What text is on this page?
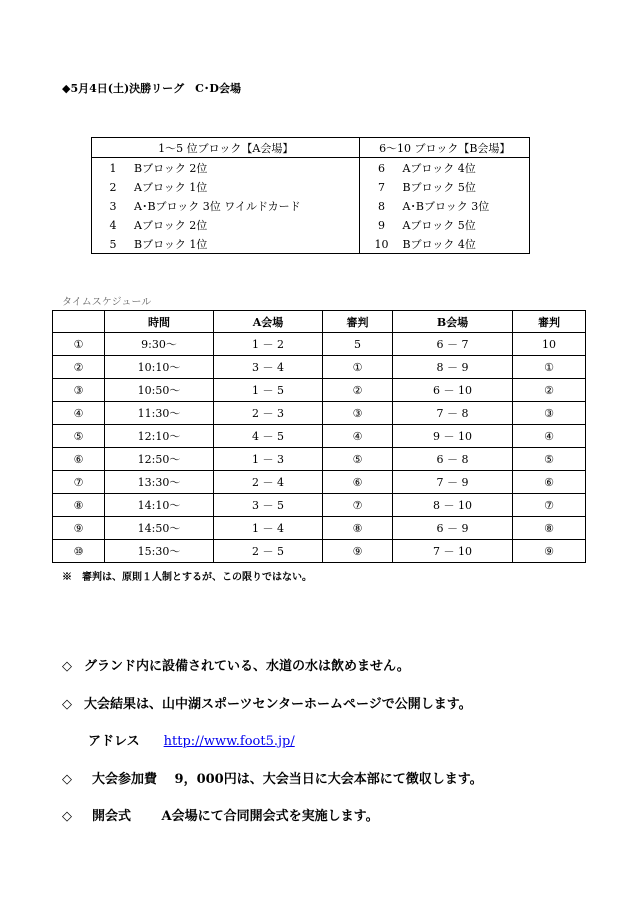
◆5月4日(土)決勝リーグ　C･D会場
1～5 位ブロック【A会場】	6～10 ブロック【B会場】
1 Bブロック 2位	6 Aブロック 4位
2 Aブロック 1位	7 Bブロック 5位
3 A･Bブロック 3位 ワイルドカード	8 A･Bブロック 3位
4 Aブロック 2位	9 Aブロック 5位
5 Bブロック 1位	10 Bブロック 4位
タイムスケジュール
	時間	A会場	審判	B会場	審判
①	9:30～	1 － 2	5	6 － 7	10
②	10:10～	3 － 4	①	8 － 9	①
③	10:50～	1 － 5	②	6 － 10	②
④	11:30～	2 － 3	③	7 － 8	③
⑤	12:10～	4 － 5	④	9 － 10	④
⑥	12:50～	1 － 3	⑤	6 － 8	⑤
⑦	13:30～	2 － 4	⑥	7 － 9	⑥
⑧	14:10～	3 － 5	⑦	8 － 10	⑦
⑨	14:50～	1 － 4	⑧	6 － 9	⑧
⑩	15:30～	2 － 5	⑨	7 － 10	⑨
※　審判は、原則１人制とするが、この限りではない。
◇ グランド内に設備されている、水道の水は飲めません。
◇ 大会結果は、山中湖スポーツセンターホームページで公開します。
アドレス http://www.foot5.jp/
◇ 大会参加費　 9，000円は、大会当日に大会本部にて徴収します。
◇ 開会式　　 A会場にて合同開会式を実施します。
